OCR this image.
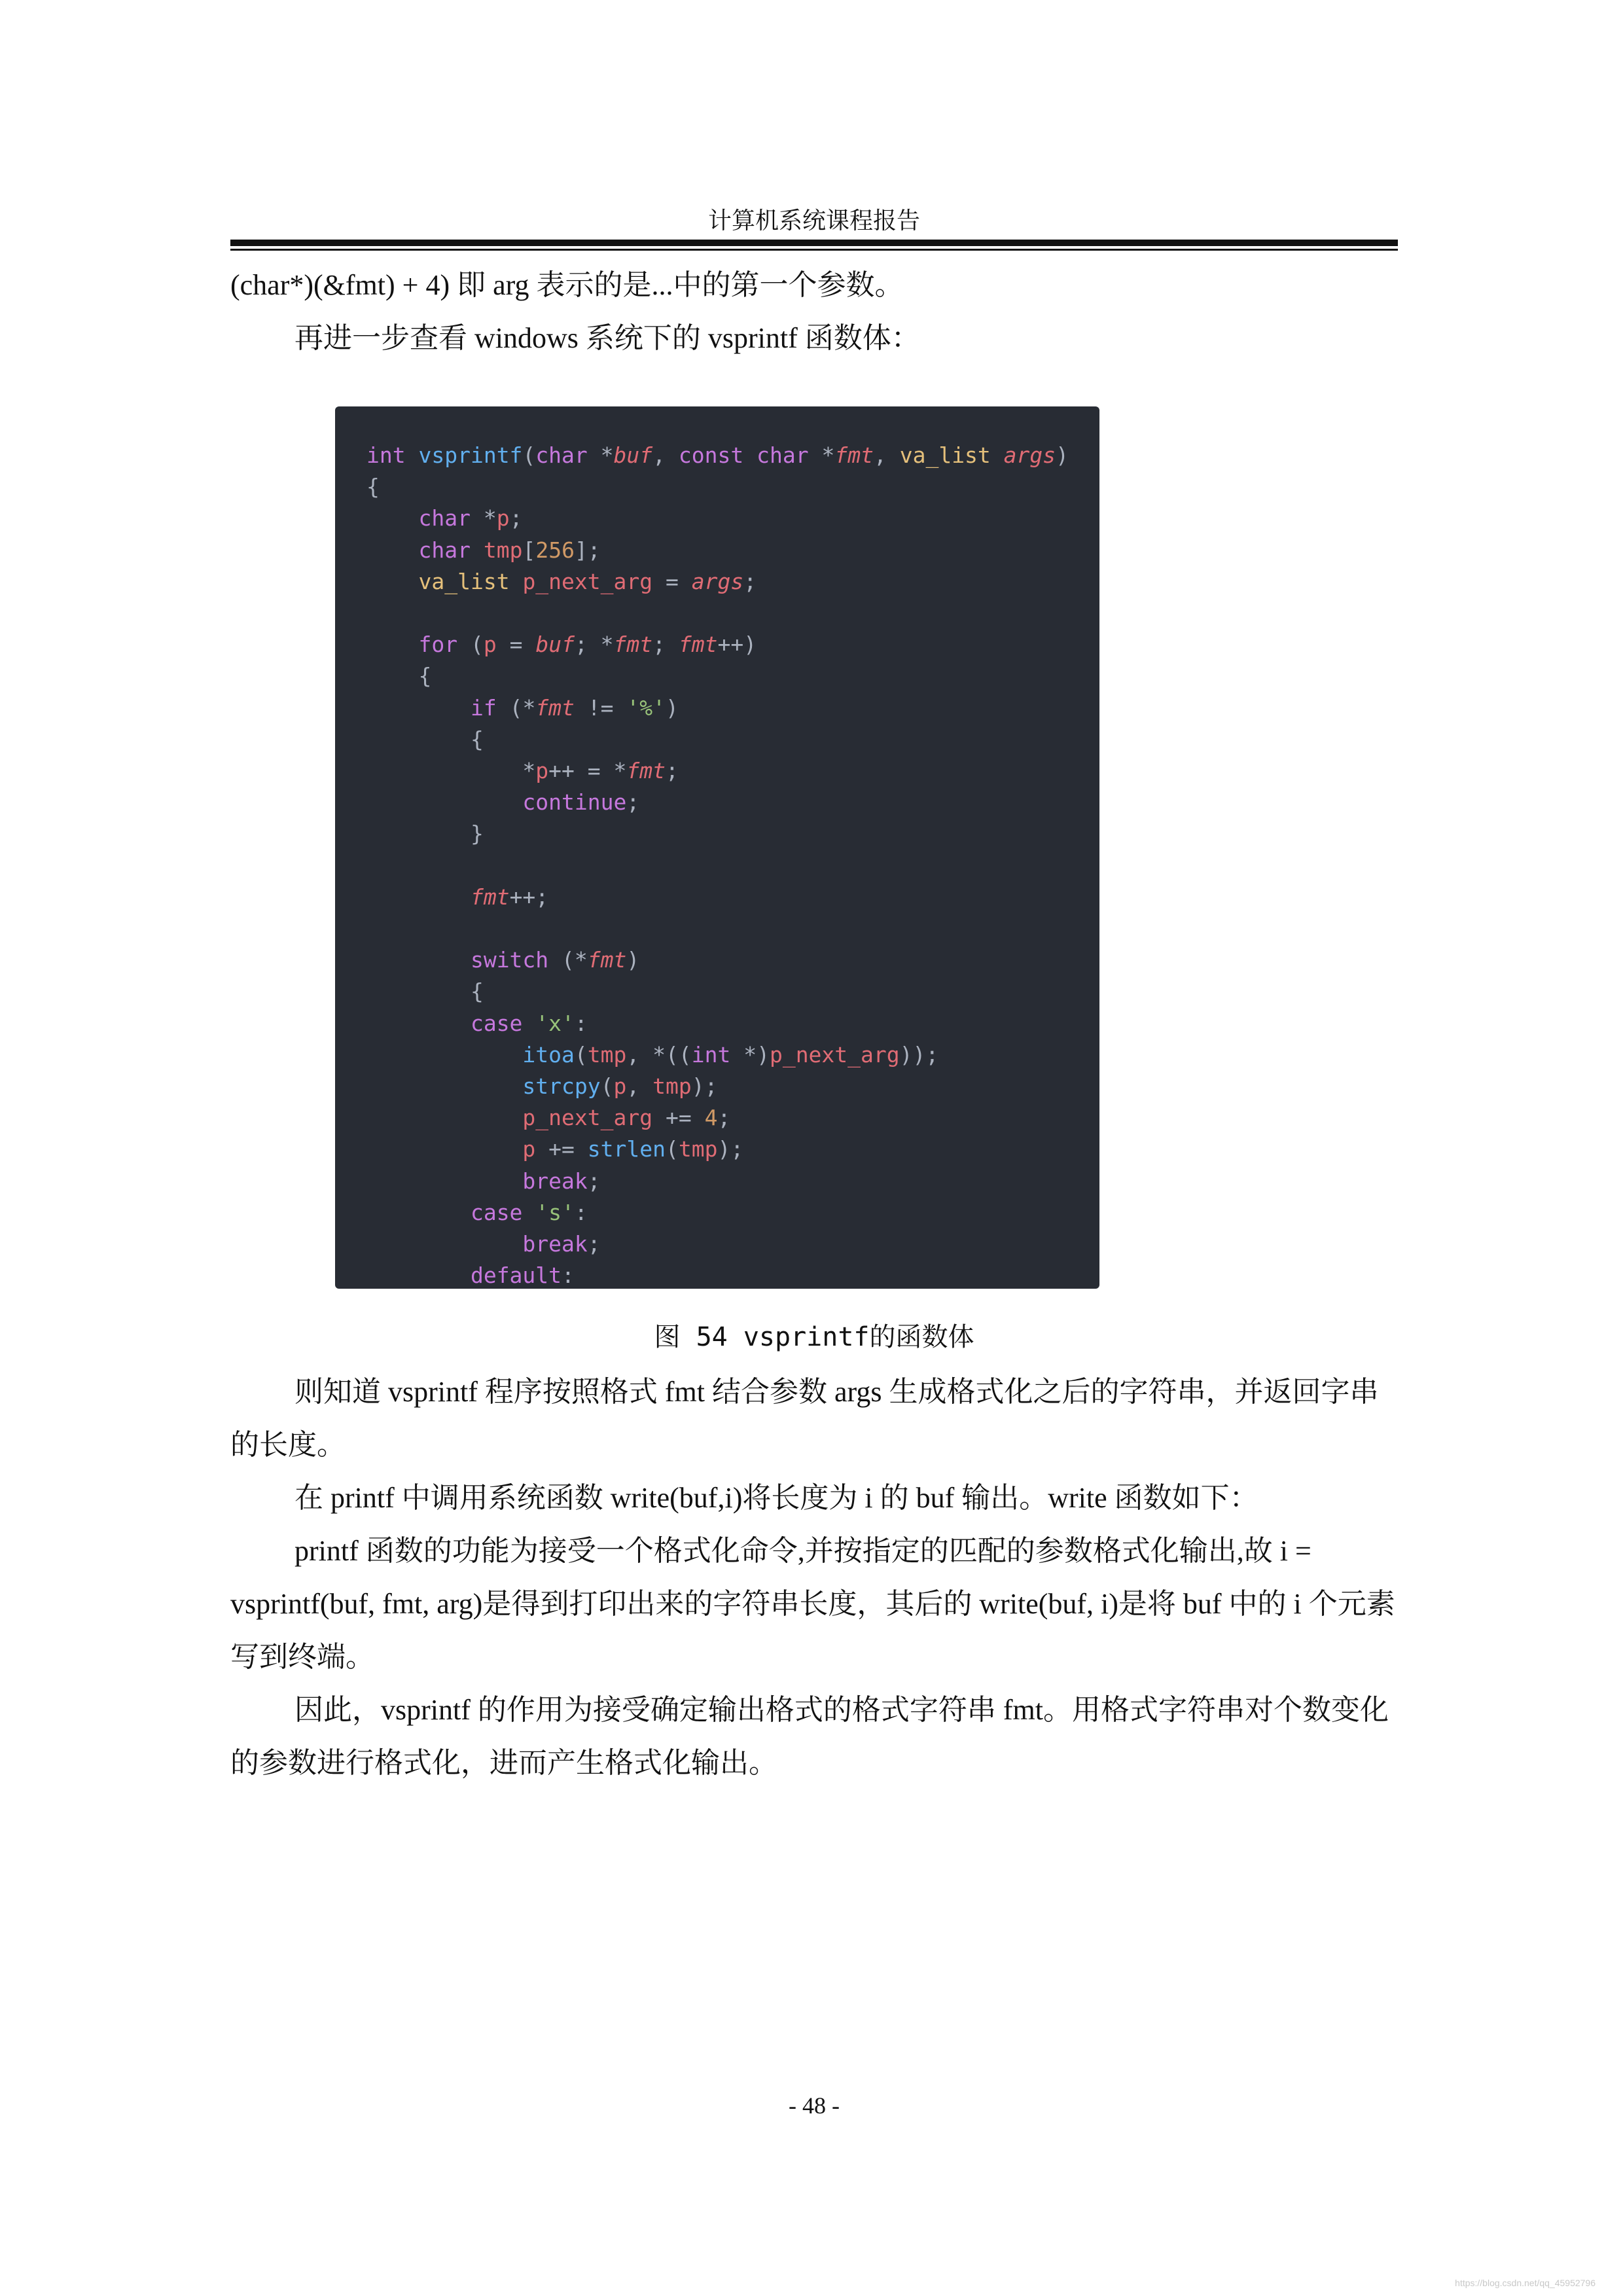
计算机系统课程报告

(char*)(&fmt) + 4) 即 arg 表示的是...中的第一个参数。

再进一步查看 windows 系统下的 vsprintf 函数体：

int vsprintf(char *buf, const char *fmt, va_list args)
{
char *p;
char tmp[256];
va_list p_next_arg = args;

for (p = buf; *fmt; fmt++)
{
if (*fmt != '%')
{
*p++ = *fmt;
continue;
}

fmt++;

switch (*fmt)
{
case 'x':
itoa(tmp, *((int *)p_next_arg));
strcpy(p, tmp);
p_next_arg += 4;
p += strlen(tmp);
break;
case 's':
break;
default:
图 54 vsprintf的函数体

则知道 vsprintf 程序按照格式 fmt 结合参数 args 生成格式化之后的字符串，并返回字串的长度。

在 printf 中调用系统函数 write(buf,i)将长度为 i 的 buf 输出。write 函数如下：

printf 函数的功能为接受一个格式化命令,并按指定的匹配的参数格式化输出,故 i = vsprintf(buf, fmt, arg)是得到打印出来的字符串长度，其后的 write(buf, i)是将 buf 中的 i 个元素写到终端。

因此，vsprintf 的作用为接受确定输出格式的格式字符串 fmt。用格式字符串对个数变化的参数进行格式化，进而产生格式化输出。

- 48 -
https://blog.csdn.net/qq_45952796
